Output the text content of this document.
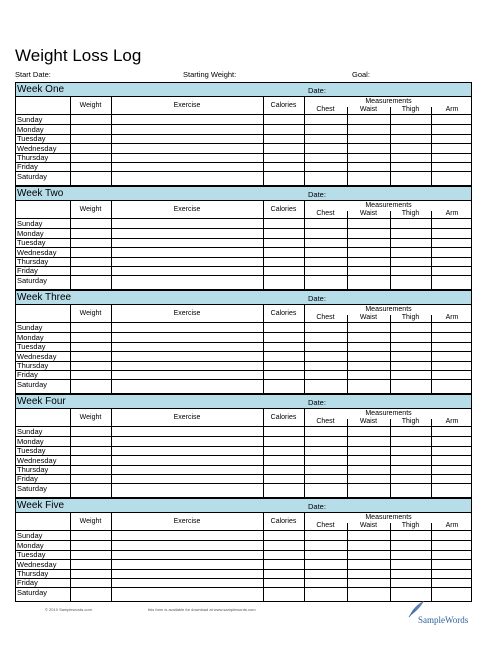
Weight Loss Log
Start Date:	Starting Weight:	Goal:
Week One	Date:
Weight	Exercise	Calories
Measurements
Chest	Waist	Thigh	Arm
Sunday
Monday
Tuesday
Wednesday
Thursday
Friday
Saturday
Week Two	Date:
Weight	Exercise	Calories
Measurements
Chest	Waist	Thigh	Arm
Sunday
Monday
Tuesday
Wednesday
Thursday
Friday
Saturday
Week Three	Date:
Weight	Exercise	Calories
Measurements
Chest	Waist	Thigh	Arm
Sunday
Monday
Tuesday
Wednesday
Thursday
Friday
Saturday
Week Four	Date:
Weight	Exercise	Calories
Measurements
Chest	Waist	Thigh	Arm
Sunday
Monday
Tuesday
Wednesday
Thursday
Friday
Saturday
Week Five	Date:
Weight	Exercise	Calories
Measurements
Chest	Waist	Thigh	Arm
Sunday
Monday
Tuesday
Wednesday
Thursday
Friday
Saturday
© 2010 Samplewords.com	this form is available for download at www.samplewords.com
SampleWords
